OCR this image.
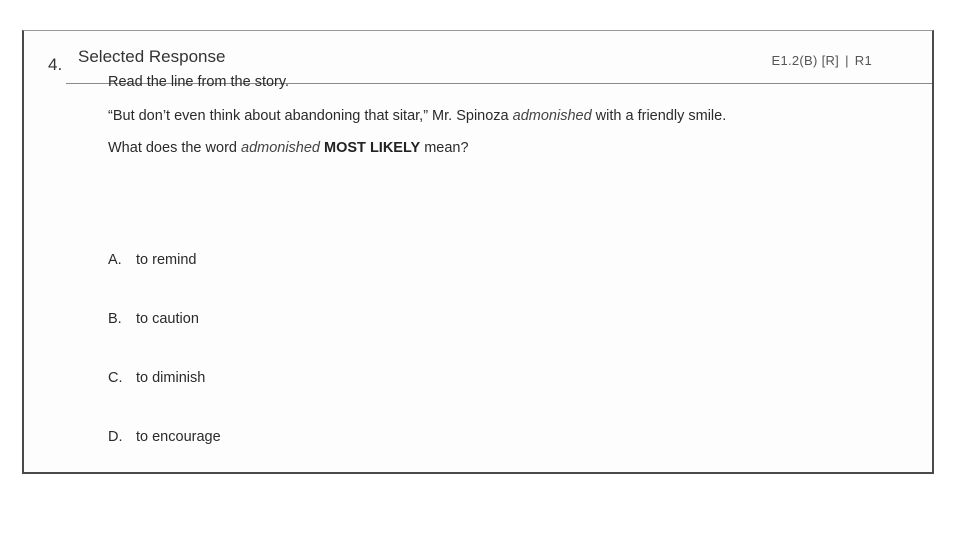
4. Selected Response	E1.2(B) [R] | R1

Read the line from the story.

“But don’t even think about abandoning that sitar,” Mr. Spinoza admonished with a friendly smile.

What does the word admonished MOST LIKELY mean?

A. to remind
B. to caution
C. to diminish
D. to encourage
